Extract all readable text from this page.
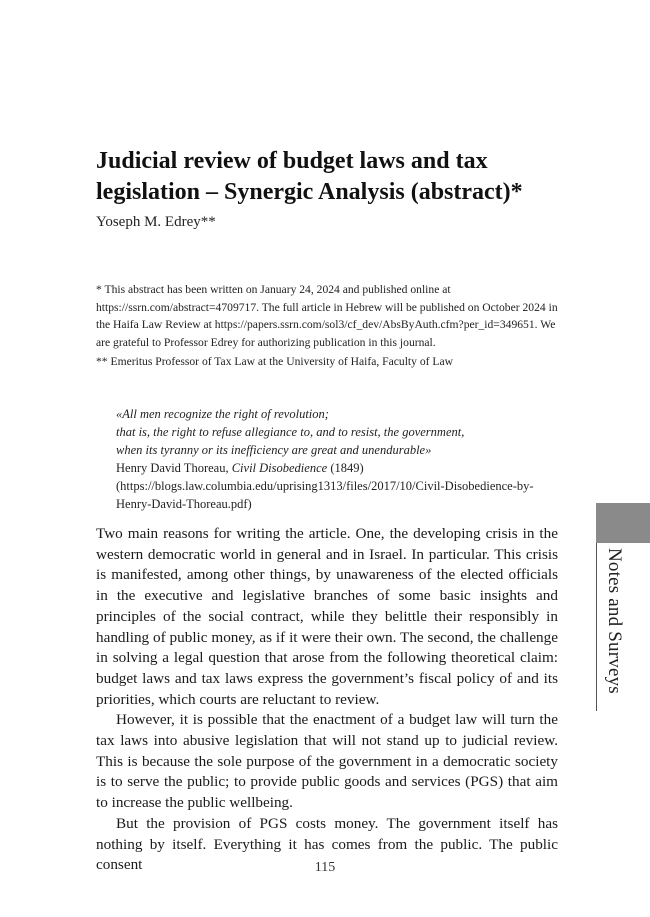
Judicial review of budget laws and tax
legislation – Synergic Analysis (abstract)*
Yoseph M. Edrey**

* This abstract has been written on January 24, 2024 and published online at https://ssrn.com/abstract=4709717. The full article in Hebrew will be published on October 2024 in the Haifa Law Review at https://papers.ssrn.com/sol3/cf_dev/AbsByAuth.cfm?per_id=349651. We are grateful to Professor Edrey for authorizing publication in this journal.

** Emeritus Professor of Tax Law at the University of Haifa, Faculty of Law

«All men recognize the right of revolution;
that is, the right to refuse allegiance to, and to resist, the government,
when its tyranny or its inefficiency are great and unendurable»
Henry David Thoreau, Civil Disobedience (1849)
(https://blogs.law.columbia.edu/uprising1313/files/2017/10/Civil-Disobedience-by-
Henry-David-Thoreau.pdf)

Two main reasons for writing the article. One, the developing crisis in the western democratic world in general and in Israel. In particular. This crisis is manifested, among other things, by unawareness of the elected officials in the executive and legislative branches of some basic insights and principles of the social contract, while they belittle their responsibly in handling of public money, as if it were their own. The second, the challenge in solving a legal question that arose from the following theoretical claim: budget laws and tax laws express the government’s fiscal policy of and its priorities, which courts are reluctant to review.

However, it is possible that the enactment of a budget law will turn the tax laws into abusive legislation that will not stand up to judicial review. This is because the sole purpose of the government in a democratic society is to serve the public; to provide public goods and services (PGS) that aim to increase the public wellbeing.

But the provision of PGS costs money. The government itself has nothing by itself. Everything it has comes from the public. The public consent

Notes and Surveys
115
